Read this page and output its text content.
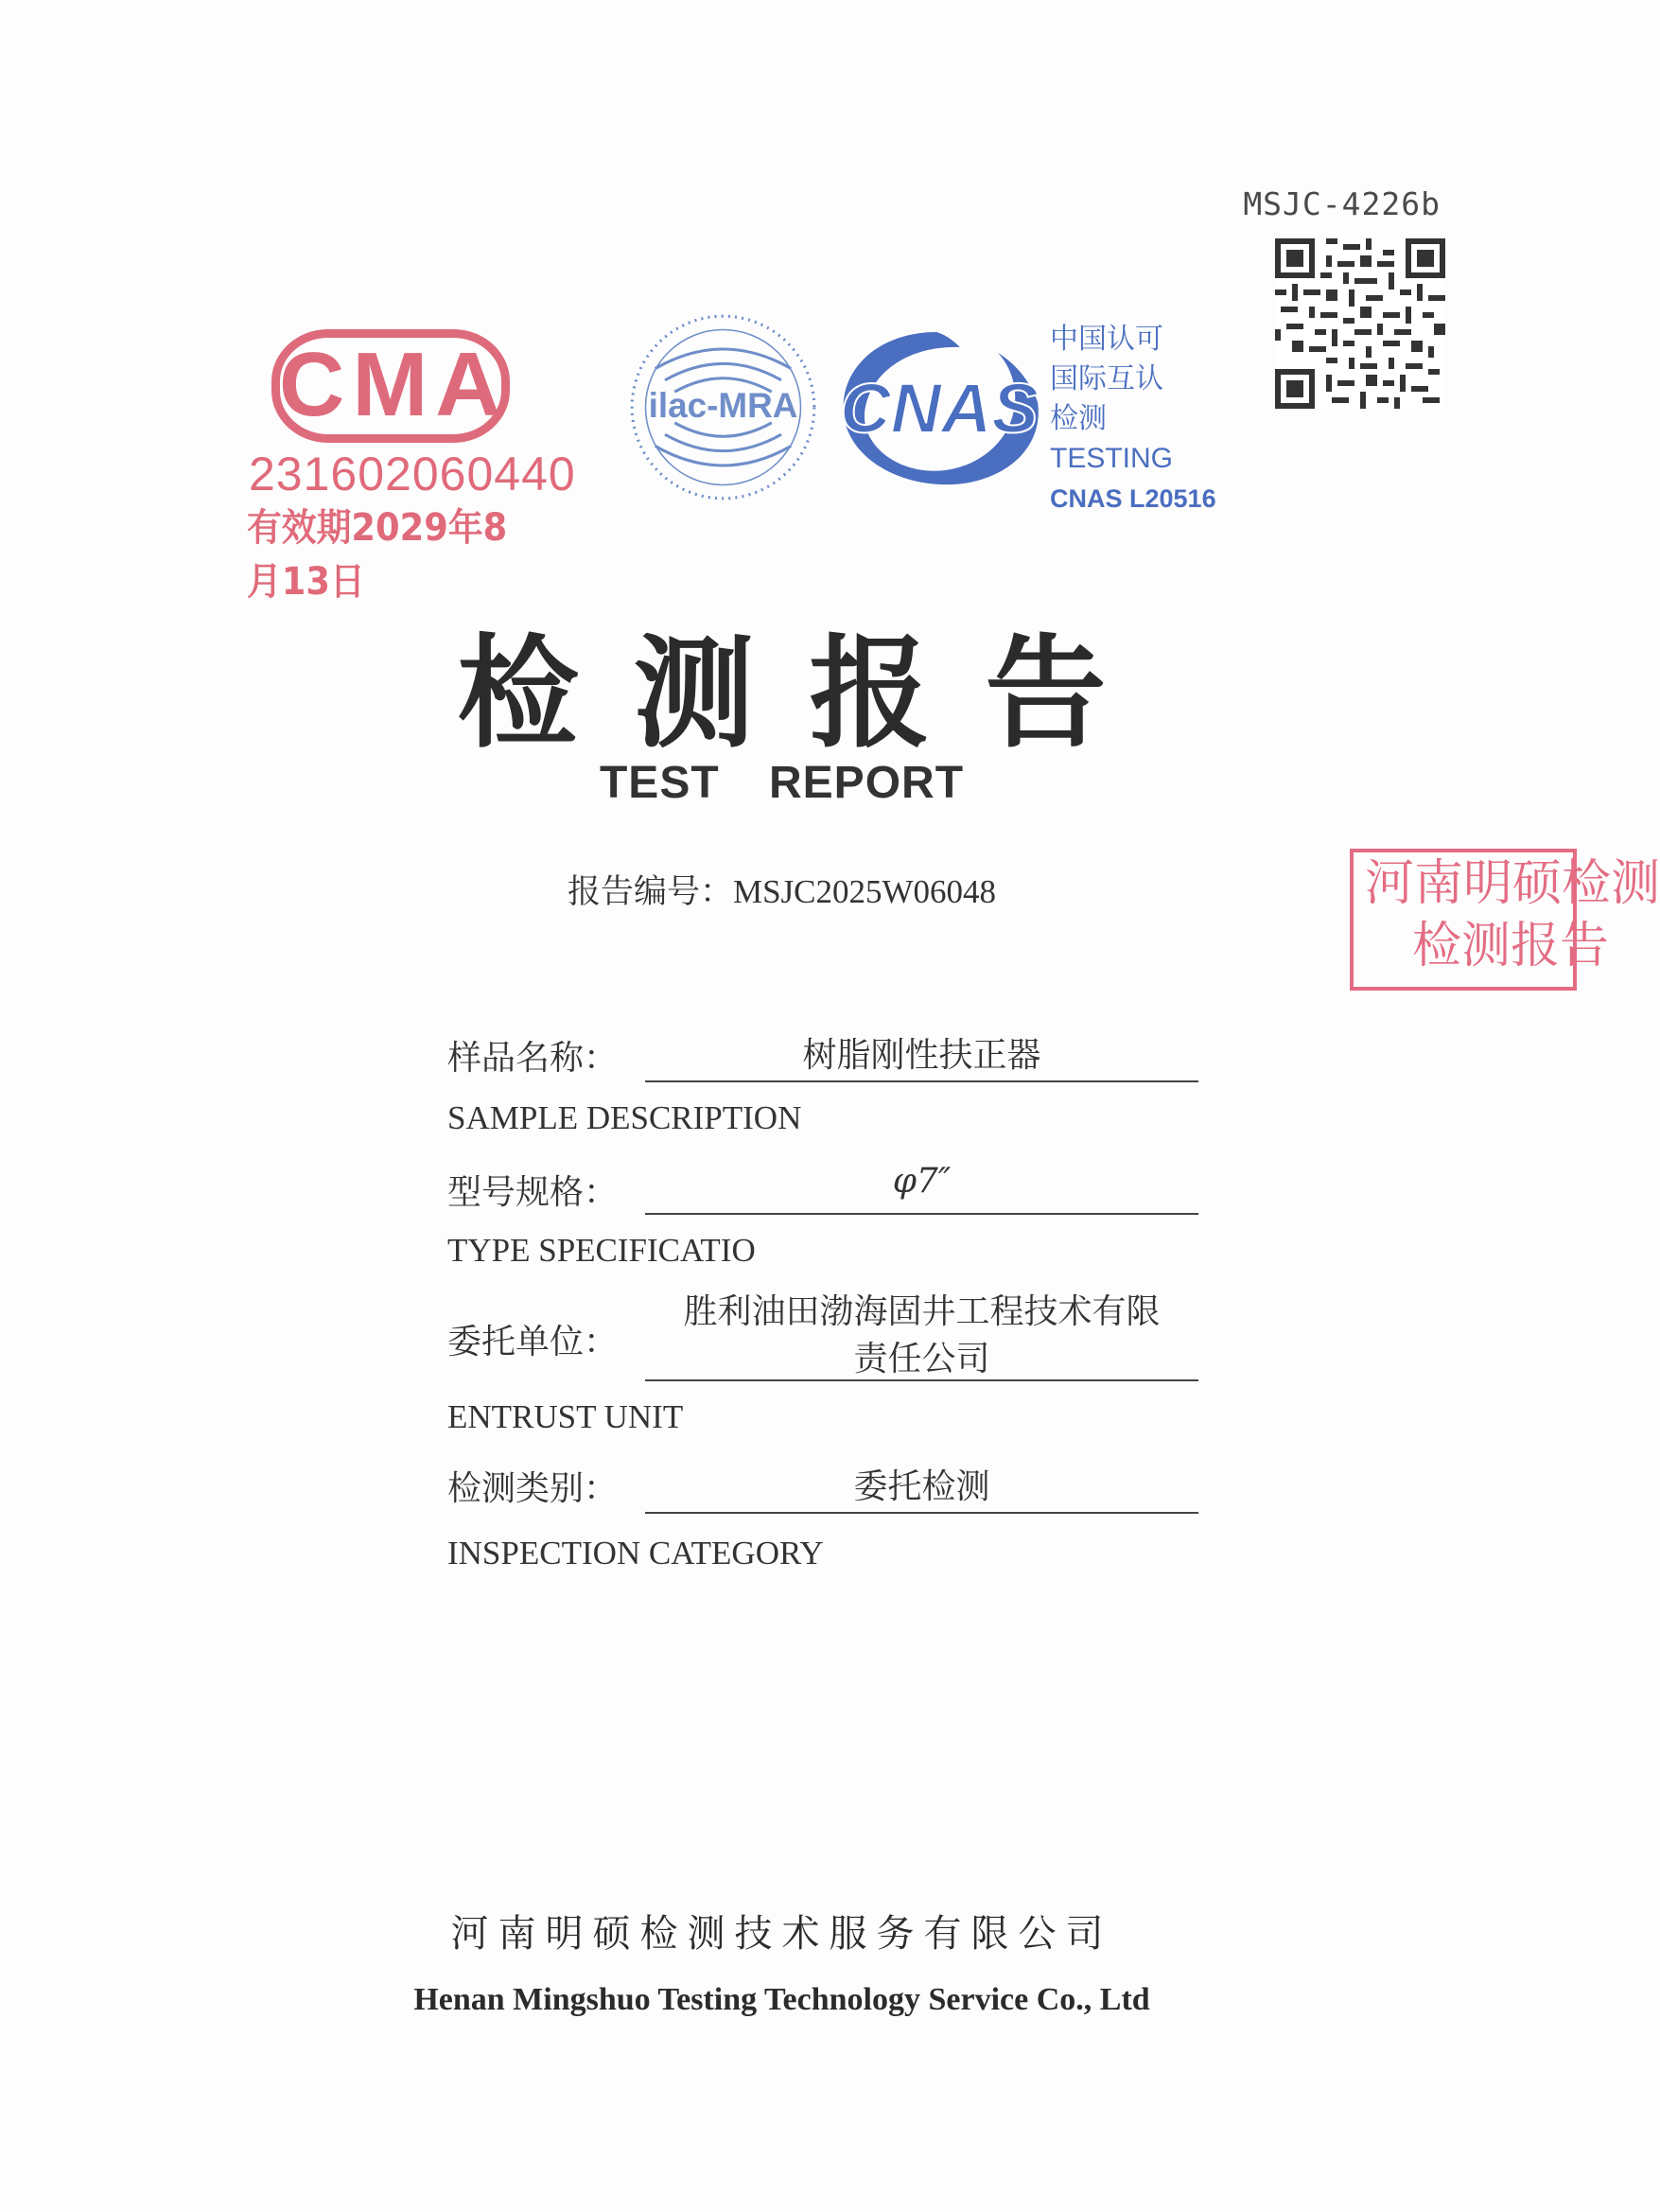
MSJC-4226b
CMA
231602060440
有效期2029年8月13日
ilac-MRA CNAS
中国认可
国际互认
检测
TESTING
CNAS L20516
河南明硕检测
检测报告
检测报告
TEST REPORT
报告编号：MSJC2025W06048
样品名称：	树脂刚性扶正器
SAMPLE DESCRIPTION
型号规格：	φ7″
TYPE SPECIFICATIO
委托单位：
胜利油田渤海固井工程技术有限
责任公司
ENTRUST UNIT
检测类别：	委托检测
INSPECTION CATEGORY
河南明硕检测技术服务有限公司
Henan Mingshuo Testing Technology Service Co., Ltd
